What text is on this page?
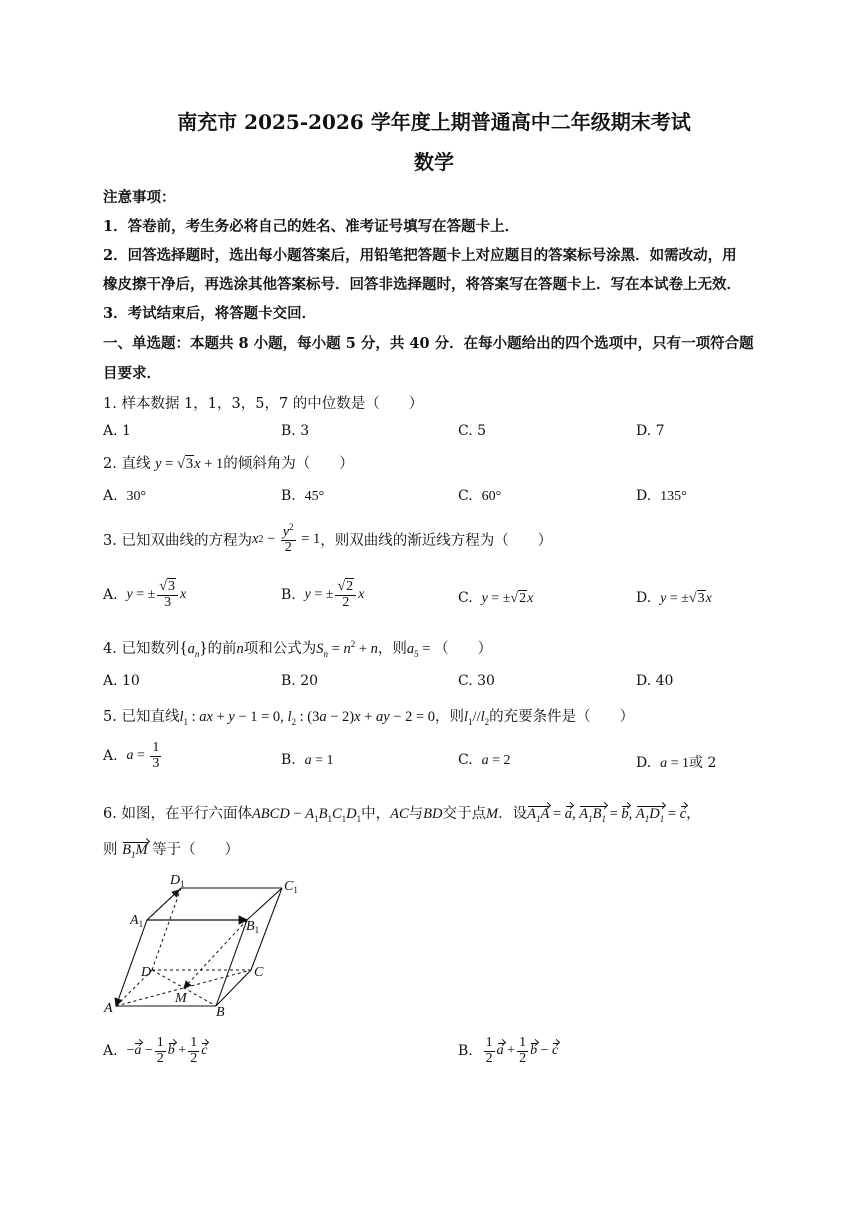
南充市 2025-2026 学年度上期普通高中二年级期末考试
数学
注意事项：
1．答卷前，考生务必将自己的姓名、准考证号填写在答题卡上．
2．回答选择题时，选出每小题答案后，用铅笔把答题卡上对应题目的答案标号涂黑．如需改动，用
橡皮擦干净后，再选涂其他答案标号．回答非选择题时，将答案写在答题卡上．写在本试卷上无效．
3．考试结束后，将答题卡交回．
一、单选题：本题共 8 小题，每小题 5 分，共 40 分．在每小题给出的四个选项中，只有一项符合题
目要求．
1. 样本数据 1，1，3，5，7 的中位数是（　　）
A. 1	B. 3	C. 5	D. 7
2. 直线 y = √3x + 1的倾斜角为（　　）
A. 30°	B. 45°	C. 60°	D. 135°
3. 已知双曲线的方程为 x $2 - \frac{y^2}{2} = 1$ ，则双曲线的渐近线方程为（　　）
A.
y = ± $\frac{√3}{3}$ x	B.
y = ± $\frac{√2}{2}$ x	C. y = ±√2x	D. y = ±√3x
4. 已知数列$\{a_n\}$的前n项和公式为$S_n = n^2 + n$，则$a_5$ = （　　）
A. 10	B. 20	C. 30	D. 40
5. 已知直线$l_1$ : ax + y − 1 = 0, $l_2$ : (3a − 2)x + ay − 2 = 0，则$l_1//l_2$的充要条件是（　　）
A.
$a = \frac{1}{3}$	B. a = 1	C. a = 2	D. a = 1或 2
6. 如图，在平行六面体ABCD − $A_1B_1C_1D_1$中，AC与BD交于点M．设$A_1A = a$, $A_1B_1 = b$, $A_1D_1 = c$，
则 $B_1M$ 等于（　　）
$D_1$	$C_1$
$A_1$	$B_1$
D	C
M
A	B
A.
− $a - \frac{1}{2}$ $b + \frac{1}{2}$ c	B.
$\frac{1}{2}$ $a + \frac{1}{2}$ b − c
